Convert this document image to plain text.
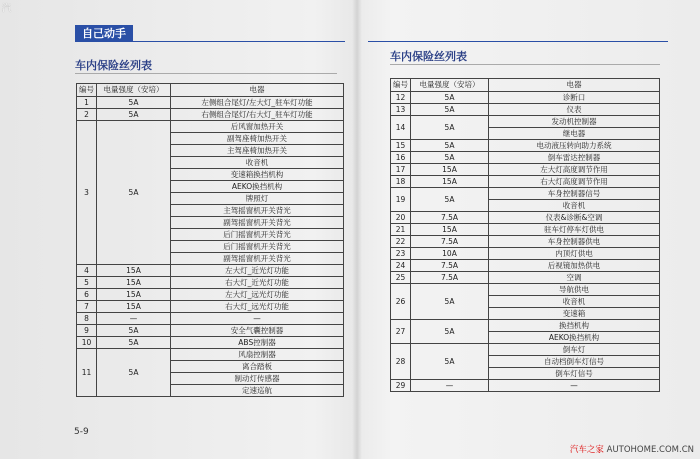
汽
自己动手
车内保险丝列表
车内保险丝列表
编号	电量强度（安培）	电器
1	5A	左侧组合尾灯/左大灯_驻车灯功能
2	5A	右侧组合尾灯/右大灯_驻车灯功能
3	5A	后风窗加热开关
		副驾座椅加热开关
		主驾座椅加热开关
		收音机
		变速箱换挡机构
		AEKO换挡机构
		牌照灯
		主驾摇窗机开关背光
		副驾摇窗机开关背光
		后门摇窗机开关背光
		后门摇窗机开关背光
		副驾摇窗机开关背光
4	15A	左大灯_近光灯功能
5	15A	右大灯_近光灯功能
6	15A	左大灯_远光灯功能
7	15A	右大灯_远光灯功能
8	—	—
9	5A	安全气囊控制器
10	5A	ABS控制器
11	5A	风扇控制器
		离合踏板
		制动灯传感器
		定速巡航
编号	电量强度（安培）	电器
12	5A	诊断口
13	5A	仪表
14	5A	发动机控制器
		继电器
15	5A	电动液压转向助力系统
16	5A	倒车雷达控制器
17	15A	左大灯高度调节作用
18	15A	右大灯高度调节作用
19	5A	车身控制器信号
		收音机
20	7.5A	仪表&诊断&空调
21	15A	驻车灯停车灯供电
22	7.5A	车身控制器供电
23	10A	内顶灯供电
24	7.5A	后视镜加热供电
25	7.5A	空调
26	5A	导航供电
		收音机
		变速箱
27	5A	换挡机构
		AEKO换挡机构
28	5A	倒车灯
		自动档倒车灯信号
		倒车灯信号
29	—	—
5-9
汽车之家 AUTOHOME.COM.CN
